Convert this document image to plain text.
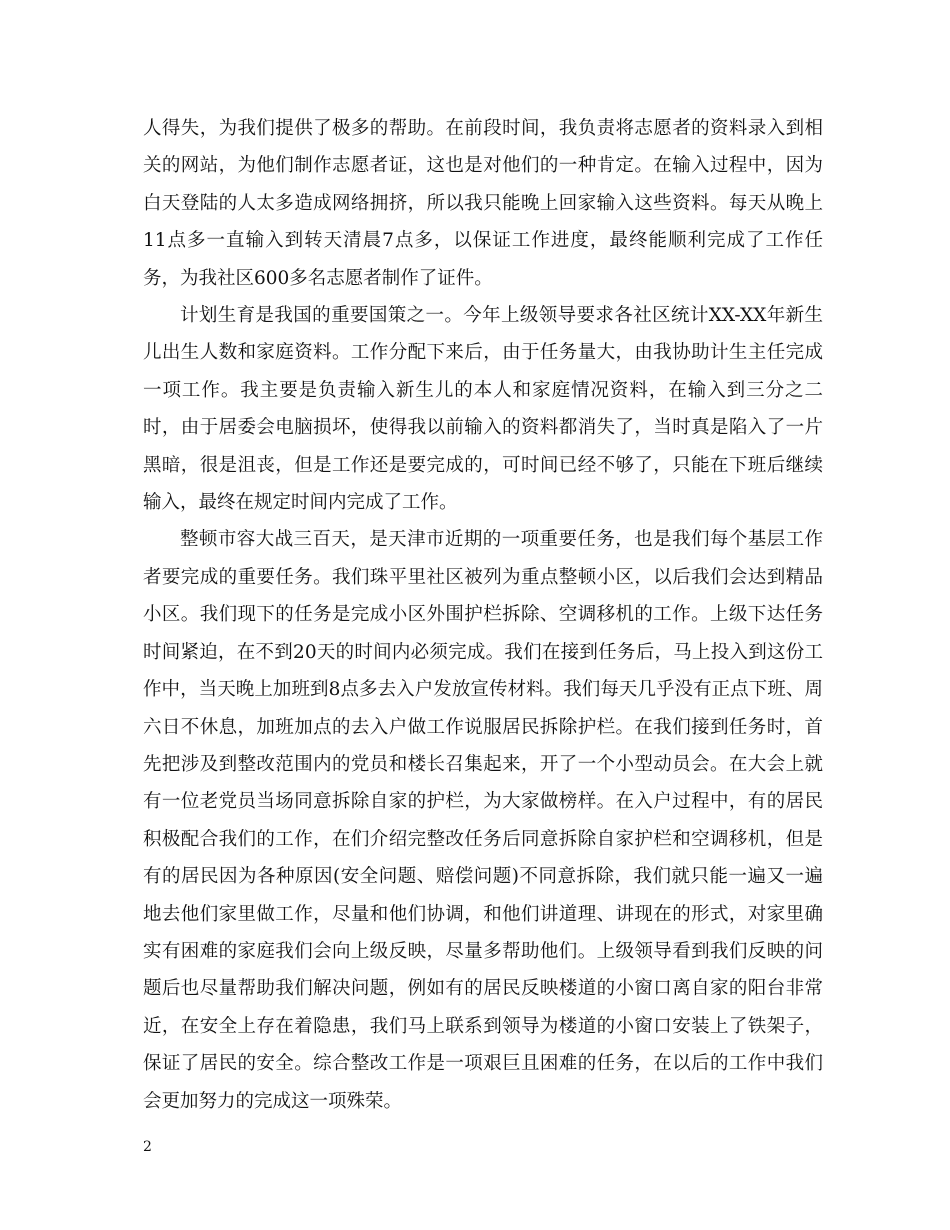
人得失，为我们提供了极多的帮助。在前段时间，我负责将志愿者的资料录入到相关的网站，为他们制作志愿者证，这也是对他们的一种肯定。在输入过程中，因为白天登陆的人太多造成网络拥挤，所以我只能晚上回家输入这些资料。每天从晚上11点多一直输入到转天清晨7点多，以保证工作进度，最终能顺利完成了工作任务，为我社区600多名志愿者制作了证件。

计划生育是我国的重要国策之一。今年上级领导要求各社区统计XX-XX年新生儿出生人数和家庭资料。工作分配下来后，由于任务量大，由我协助计生主任完成一项工作。我主要是负责输入新生儿的本人和家庭情况资料，在输入到三分之二时，由于居委会电脑损坏，使得我以前输入的资料都消失了，当时真是陷入了一片黑暗，很是沮丧，但是工作还是要完成的，可时间已经不够了，只能在下班后继续输入，最终在规定时间内完成了工作。

整顿市容大战三百天，是天津市近期的一项重要任务，也是我们每个基层工作者要完成的重要任务。我们珠平里社区被列为重点整顿小区，以后我们会达到精品小区。我们现下的任务是完成小区外围护栏拆除、空调移机的工作。上级下达任务时间紧迫，在不到20天的时间内必须完成。我们在接到任务后，马上投入到这份工作中，当天晚上加班到8点多去入户发放宣传材料。我们每天几乎没有正点下班、周六日不休息，加班加点的去入户做工作说服居民拆除护栏。在我们接到任务时，首先把涉及到整改范围内的党员和楼长召集起来，开了一个小型动员会。在大会上就有一位老党员当场同意拆除自家的护栏，为大家做榜样。在入户过程中，有的居民积极配合我们的工作，在们介绍完整改任务后同意拆除自家护栏和空调移机，但是有的居民因为各种原因(安全问题、赔偿问题)不同意拆除，我们就只能一遍又一遍地去他们家里做工作，尽量和他们协调，和他们讲道理、讲现在的形式，对家里确实有困难的家庭我们会向上级反映，尽量多帮助他们。上级领导看到我们反映的问题后也尽量帮助我们解决问题，例如有的居民反映楼道的小窗口离自家的阳台非常近，在安全上存在着隐患，我们马上联系到领导为楼道的小窗口安装上了铁架子，保证了居民的安全。综合整改工作是一项艰巨且困难的任务，在以后的工作中我们会更加努力的完成这一项殊荣。

2
